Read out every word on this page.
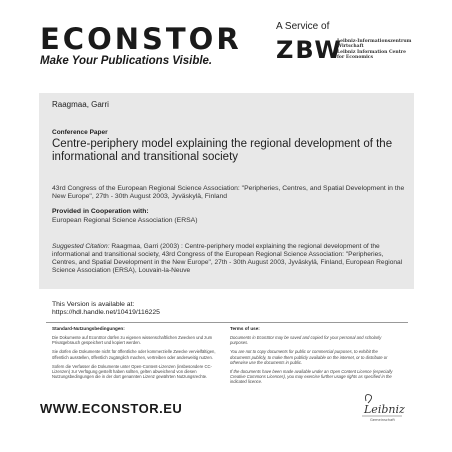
ECONSTOR
Make Your Publications Visible.
A Service of
ZBW
Leibniz-Informationszentrum
Wirtschaft
Leibniz Information Centre
for Economics
Raagmaa, Garri
Conference Paper
Centre-periphery model explaining the regional development of the informational and transitional society
43rd Congress of the European Regional Science Association: "Peripheries, Centres, and Spatial Development in the New Europe", 27th - 30th August 2003, Jyväskylä, Finland
Provided in Cooperation with:
European Regional Science Association (ERSA)
Suggested Citation: Raagmaa, Garri (2003) : Centre-periphery model explaining the regional development of the informational and transitional society, 43rd Congress of the European Regional Science Association: "Peripheries, Centres, and Spatial Development in the New Europe", 27th - 30th August 2003, Jyväskylä, Finland, European Regional Science Association (ERSA), Louvain-la-Neuve
This Version is available at:
https://hdl.handle.net/10419/116225
Standard-Nutzungsbedingungen:
Die Dokumente auf EconStor dürfen zu eigenen wissenschaftlichen Zwecken und zum Privatgebrauch gespeichert und kopiert werden.
Sie dürfen die Dokumente nicht für öffentliche oder kommerzielle Zwecke vervielfältigen, öffentlich ausstellen, öffentlich zugänglich machen, vertreiben oder anderweitig nutzen.
Sofern die Verfasser die Dokumente unter Open-Content-Lizenzen (insbesondere CC-Lizenzen) zur Verfügung gestellt haben sollten, gelten abweichend von diesen Nutzungsbedingungen die in der dort genannten Lizenz gewährten Nutzungsrechte.
Terms of use:
Documents in EconStor may be saved and copied for your personal and scholarly purposes.
You are not to copy documents for public or commercial purposes, to exhibit the documents publicly, to make them publicly available on the internet, or to distribute or otherwise use the documents in public.
If the documents have been made available under an Open Content Licence (especially Creative Commons Licences), you may exercise further usage rights as specified in the indicated licence.
WWW.ECONSTOR.EU	Leibniz
Gemeinschaft
